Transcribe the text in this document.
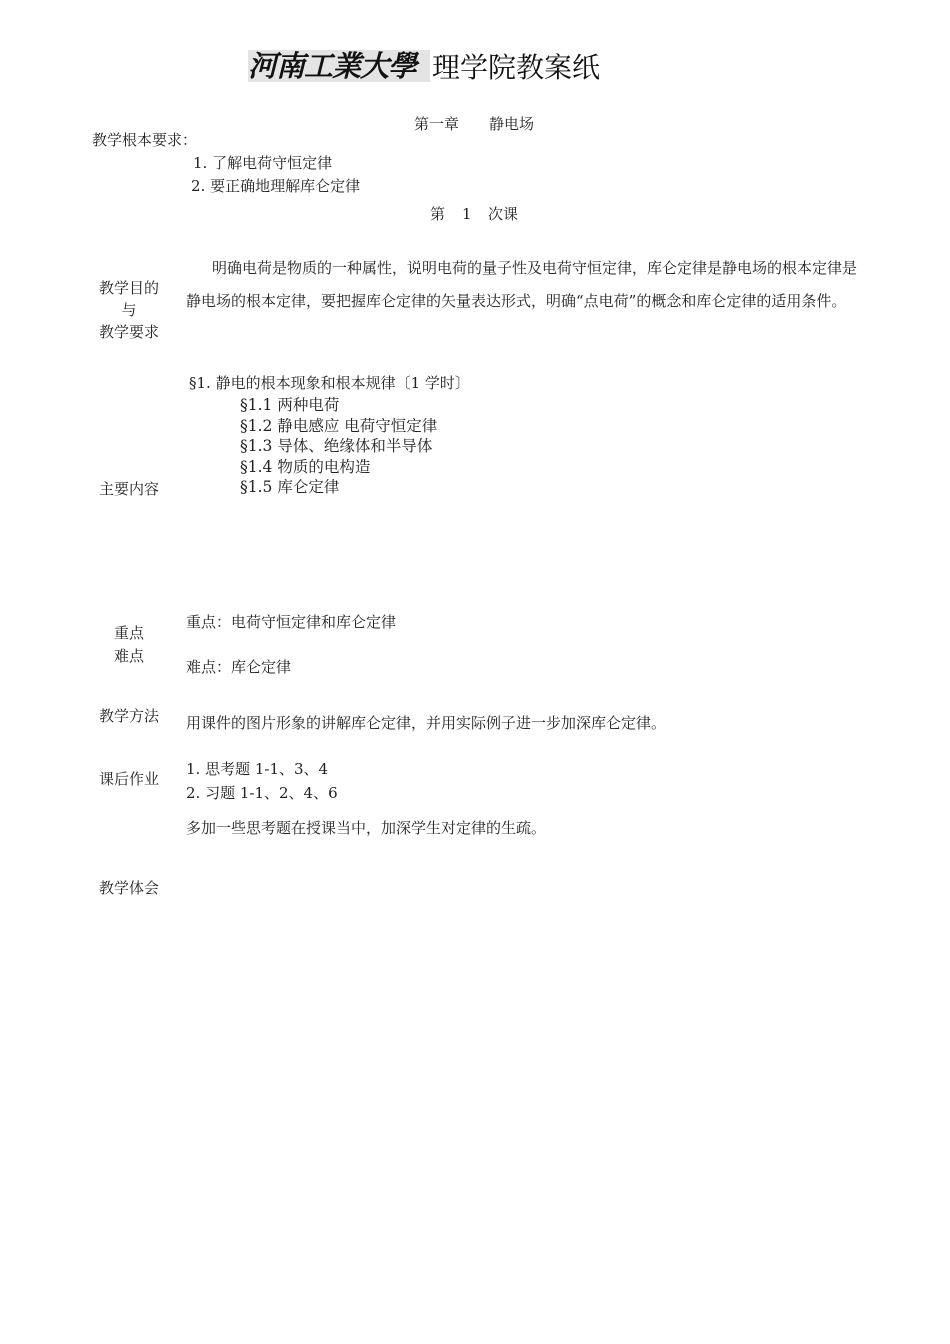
河南工業大學 理学院教案纸
第一章 静电场
教学根本要求：
1. 了解电荷守恒定律
2. 要正确地理解库仑定律
第 1 次课
教学目的
与
教学要求
明确电荷是物质的一种属性，说明电荷的量子性及电荷守恒定律，库仑定律是静电场的根本定律是静电场的根本定律，要把握库仑定律的矢量表达形式，明确“点电荷”的概念和库仑定律的适用条件。
§1. 静电的根本现象和根本规律〔1 学时〕
§1.1 两种电荷
§1.2 静电感应 电荷守恒定律
§1.3 导体、绝缘体和半导体
§1.4 物质的电构造
§1.5 库仑定律
主要内容
重点
难点
重点：电荷守恒定律和库仑定律
难点：库仑定律
教学方法	用课件的图片形象的讲解库仑定律，并用实际例子进一步加深库仑定律。
课后作业
1. 思考题 1-1、3、4
2. 习题 1-1、2、4、6
多加一些思考题在授课当中，加深学生对定律的生疏。
教学体会
